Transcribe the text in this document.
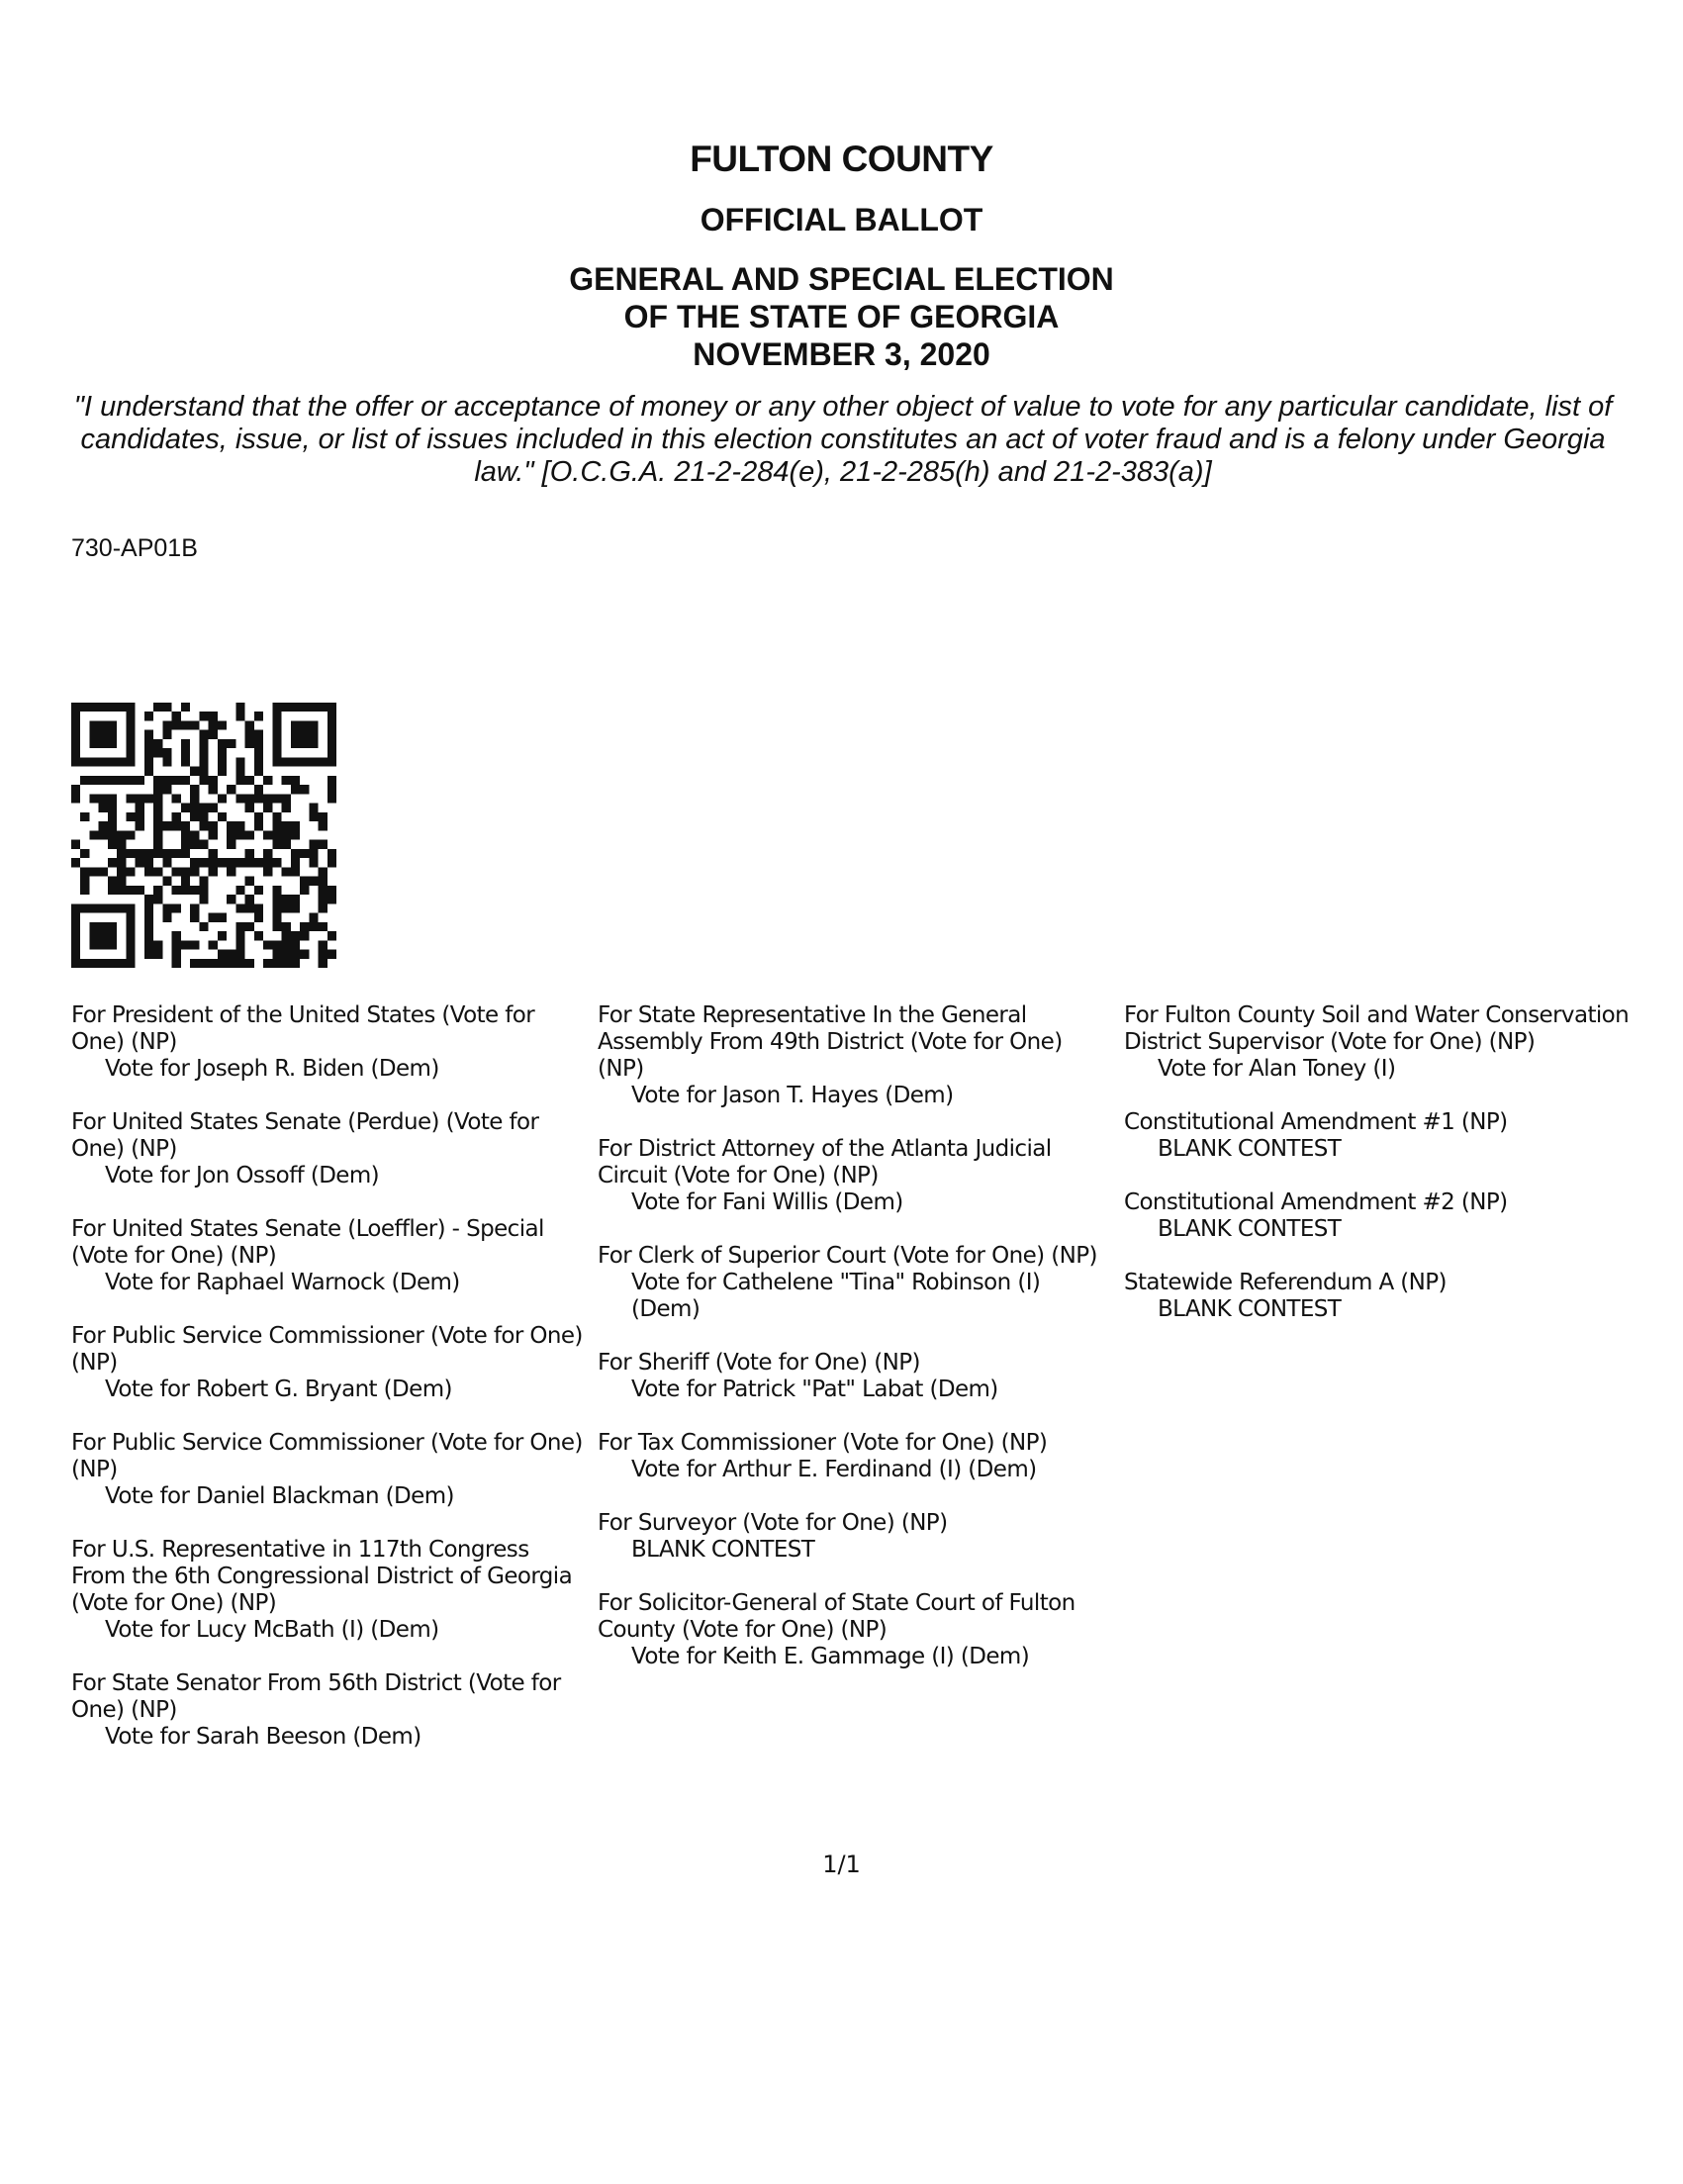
FULTON COUNTY

OFFICIAL BALLOT

GENERAL AND SPECIAL ELECTION
OF THE STATE OF GEORGIA
NOVEMBER 3, 2020
"I understand that the offer or acceptance of money or any other object of value to vote for any particular candidate, list of candidates, issue, or list of issues included in this election constitutes an act of voter fraud and is a felony under Georgia law." [O.C.G.A. 21-2-284(e), 21-2-285(h) and 21-2-383(a)]
730-AP01B

For President of the United States (Vote for One) (NP)

Vote for Joseph R. Biden (Dem)

For United States Senate (Perdue) (Vote for One) (NP)

Vote for Jon Ossoff (Dem)

For United States Senate (Loeffler) - Special (Vote for One) (NP)

Vote for Raphael Warnock (Dem)

For Public Service Commissioner (Vote for One) (NP)

Vote for Robert G. Bryant (Dem)

For Public Service Commissioner (Vote for One) (NP)

Vote for Daniel Blackman (Dem)

For U.S. Representative in 117th Congress From the 6th Congressional District of Georgia (Vote for One) (NP)

Vote for Lucy McBath (I) (Dem)

For State Senator From 56th District (Vote for One) (NP)

Vote for Sarah Beeson (Dem)

For State Representative In the General Assembly From 49th District (Vote for One) (NP)

Vote for Jason T. Hayes (Dem)

For District Attorney of the Atlanta Judicial Circuit (Vote for One) (NP)

Vote for Fani Willis (Dem)

For Clerk of Superior Court (Vote for One) (NP)

Vote for Cathelene "Tina" Robinson (I) (Dem)

For Sheriff (Vote for One) (NP)

Vote for Patrick "Pat" Labat (Dem)

For Tax Commissioner (Vote for One) (NP)

Vote for Arthur E. Ferdinand (I) (Dem)

For Surveyor (Vote for One) (NP)

BLANK CONTEST

For Solicitor-General of State Court of Fulton County (Vote for One) (NP)

Vote for Keith E. Gammage (I) (Dem)

For Fulton County Soil and Water Conservation District Supervisor (Vote for One) (NP)

Vote for Alan Toney (I)

Constitutional Amendment #1 (NP)

BLANK CONTEST

Constitutional Amendment #2 (NP)

BLANK CONTEST

Statewide Referendum A (NP)

BLANK CONTEST

1/1
